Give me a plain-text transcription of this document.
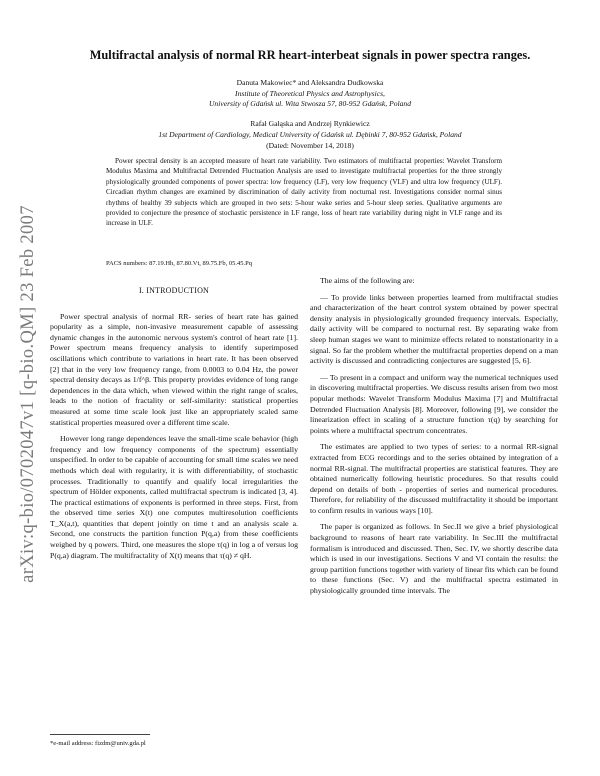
arXiv:q-bio/0702047v1 [q-bio.QM] 23 Feb 2007
Multifractal analysis of normal RR heart-interbeat signals in power spectra ranges.
Danuta Makowiec* and Aleksandra Dudkowska
Institute of Theoretical Physics and Astrophysics,
University of Gdańsk ul. Wita Stwosza 57, 80-952 Gdańsk, Poland
Rafał Gałąska and Andrzej Rynkiewicz
1st Department of Cardiology, Medical University of Gdańsk ul. Dębinki 7, 80-952 Gdańsk, Poland
(Dated: November 14, 2018)

Power spectral density is an accepted measure of heart rate variability. Two estimators of multifractal properties: Wavelet Transform Modulus Maxima and Multifractal Detrended Fluctuation Analysis are used to investigate multifractal properties for the three strongly physiologically grounded components of power spectra: low frequency (LF), very low frequency (VLF) and ultra low frequency (ULF). Circadian rhythm changes are examined by discrimination of daily activity from nocturnal rest. Investigations consider normal sinus rhythms of healthy 39 subjects which are grouped in two sets: 5-hour wake series and 5-hour sleep series. Qualitative arguments are provided to conjecture the presence of stochastic persistence in LF range, loss of heart rate variability during night in VLF range and its increase in ULF.

PACS numbers: 87.19.Hh, 87.80.Vt, 89.75.Fb, 05.45.Pq
I. INTRODUCTION

Power spectral analysis of normal RR- series of heart rate has gained popularity as a simple, non-invasive measurement capable of assessing dynamic changes in the autonomic nervous system's control of heart rate [1]. Power spectrum means frequency analysis to identify superimposed oscillations which contribute to variations in heart rate. It has been observed [2] that in the very low frequency range, from 0.0003 to 0.04 Hz, the power spectral density decays as 1/f^β. This property provides evidence of long range dependences in the data which, when viewed within the right range of scales, leads to the notion of fractality or self-similarity: statistical properties measured at some time scale look just like an appropriately scaled same statistical properties measured over a different time scale.

However long range dependences leave the small-time scale behavior (high frequency and low frequency components of the spectrum) essentially unspecified. In order to be capable of accounting for small time scales we need methods which deal with regularity, it is with differentiability, of stochastic processes. Traditionally to quantify and qualify local irregularities the spectrum of Hölder exponents, called multifractal spectrum is indicated [3, 4]. The practical estimations of exponents is performed in three steps. First, from the observed time series X(t) one computes multiresolution coefficients T_X(a,t), quantities that depent jointly on time t and an analysis scale a. Second, one constructs the partition function P(q,a) from these coefficients weighed by q powers. Third, one measures the slope τ(q) in log a of versus log P(q,a) diagram. The multifractality of X(t) means that τ(q) ≠ qH.

The aims of the following are:

— To provide links between properties learned from multifractal studies and characterization of the heart control system obtained by power spectral density analysis in physiologically grounded frequency intervals. Especially, daily activity will be compared to nocturnal rest. By separating wake from sleep human stages we want to minimize effects related to nonstationarity in a signal. So far the problem whether the multifractal properties depend on a man activity is discussed and contradicting conjectures are suggested [5, 6].

— To present in a compact and uniform way the numerical techniques used in discovering multifractal properties. We discuss results arisen from two most popular methods: Wavelet Transform Modulus Maxima [7] and Multifractal Detrended Fluctuation Analysis [8]. Moreover, following [9], we consider the linearization effect in scaling of a structure function τ(q) by searching for points where a multifractal spectrum concentrates.

The estimates are applied to two types of series: to a normal RR-signal extracted from ECG recordings and to the series obtained by integration of a normal RR-signal. The multifractal properties are statistical features. They are obtained numerically following heuristic procedures. So that results could depend on details of both - properties of series and numerical procedures. Therefore, for reliability of the discussed multifractality it should be important to confirm results in various ways [10].

The paper is organized as follows. In Sec.II we give a brief physiological background to reasons of heart rate variability. In Sec.III the multifractal formalism is introduced and discussed. Then, Sec. IV, we shortly describe data which is used in our investigations. Sections V and VI contain the results: the group partition functions together with variety of linear fits which can be found to these functions (Sec. V) and the multifractal spectra estimated in physiologically grounded time intervals. The

*e-mail address: fizdm@univ.gda.pl
